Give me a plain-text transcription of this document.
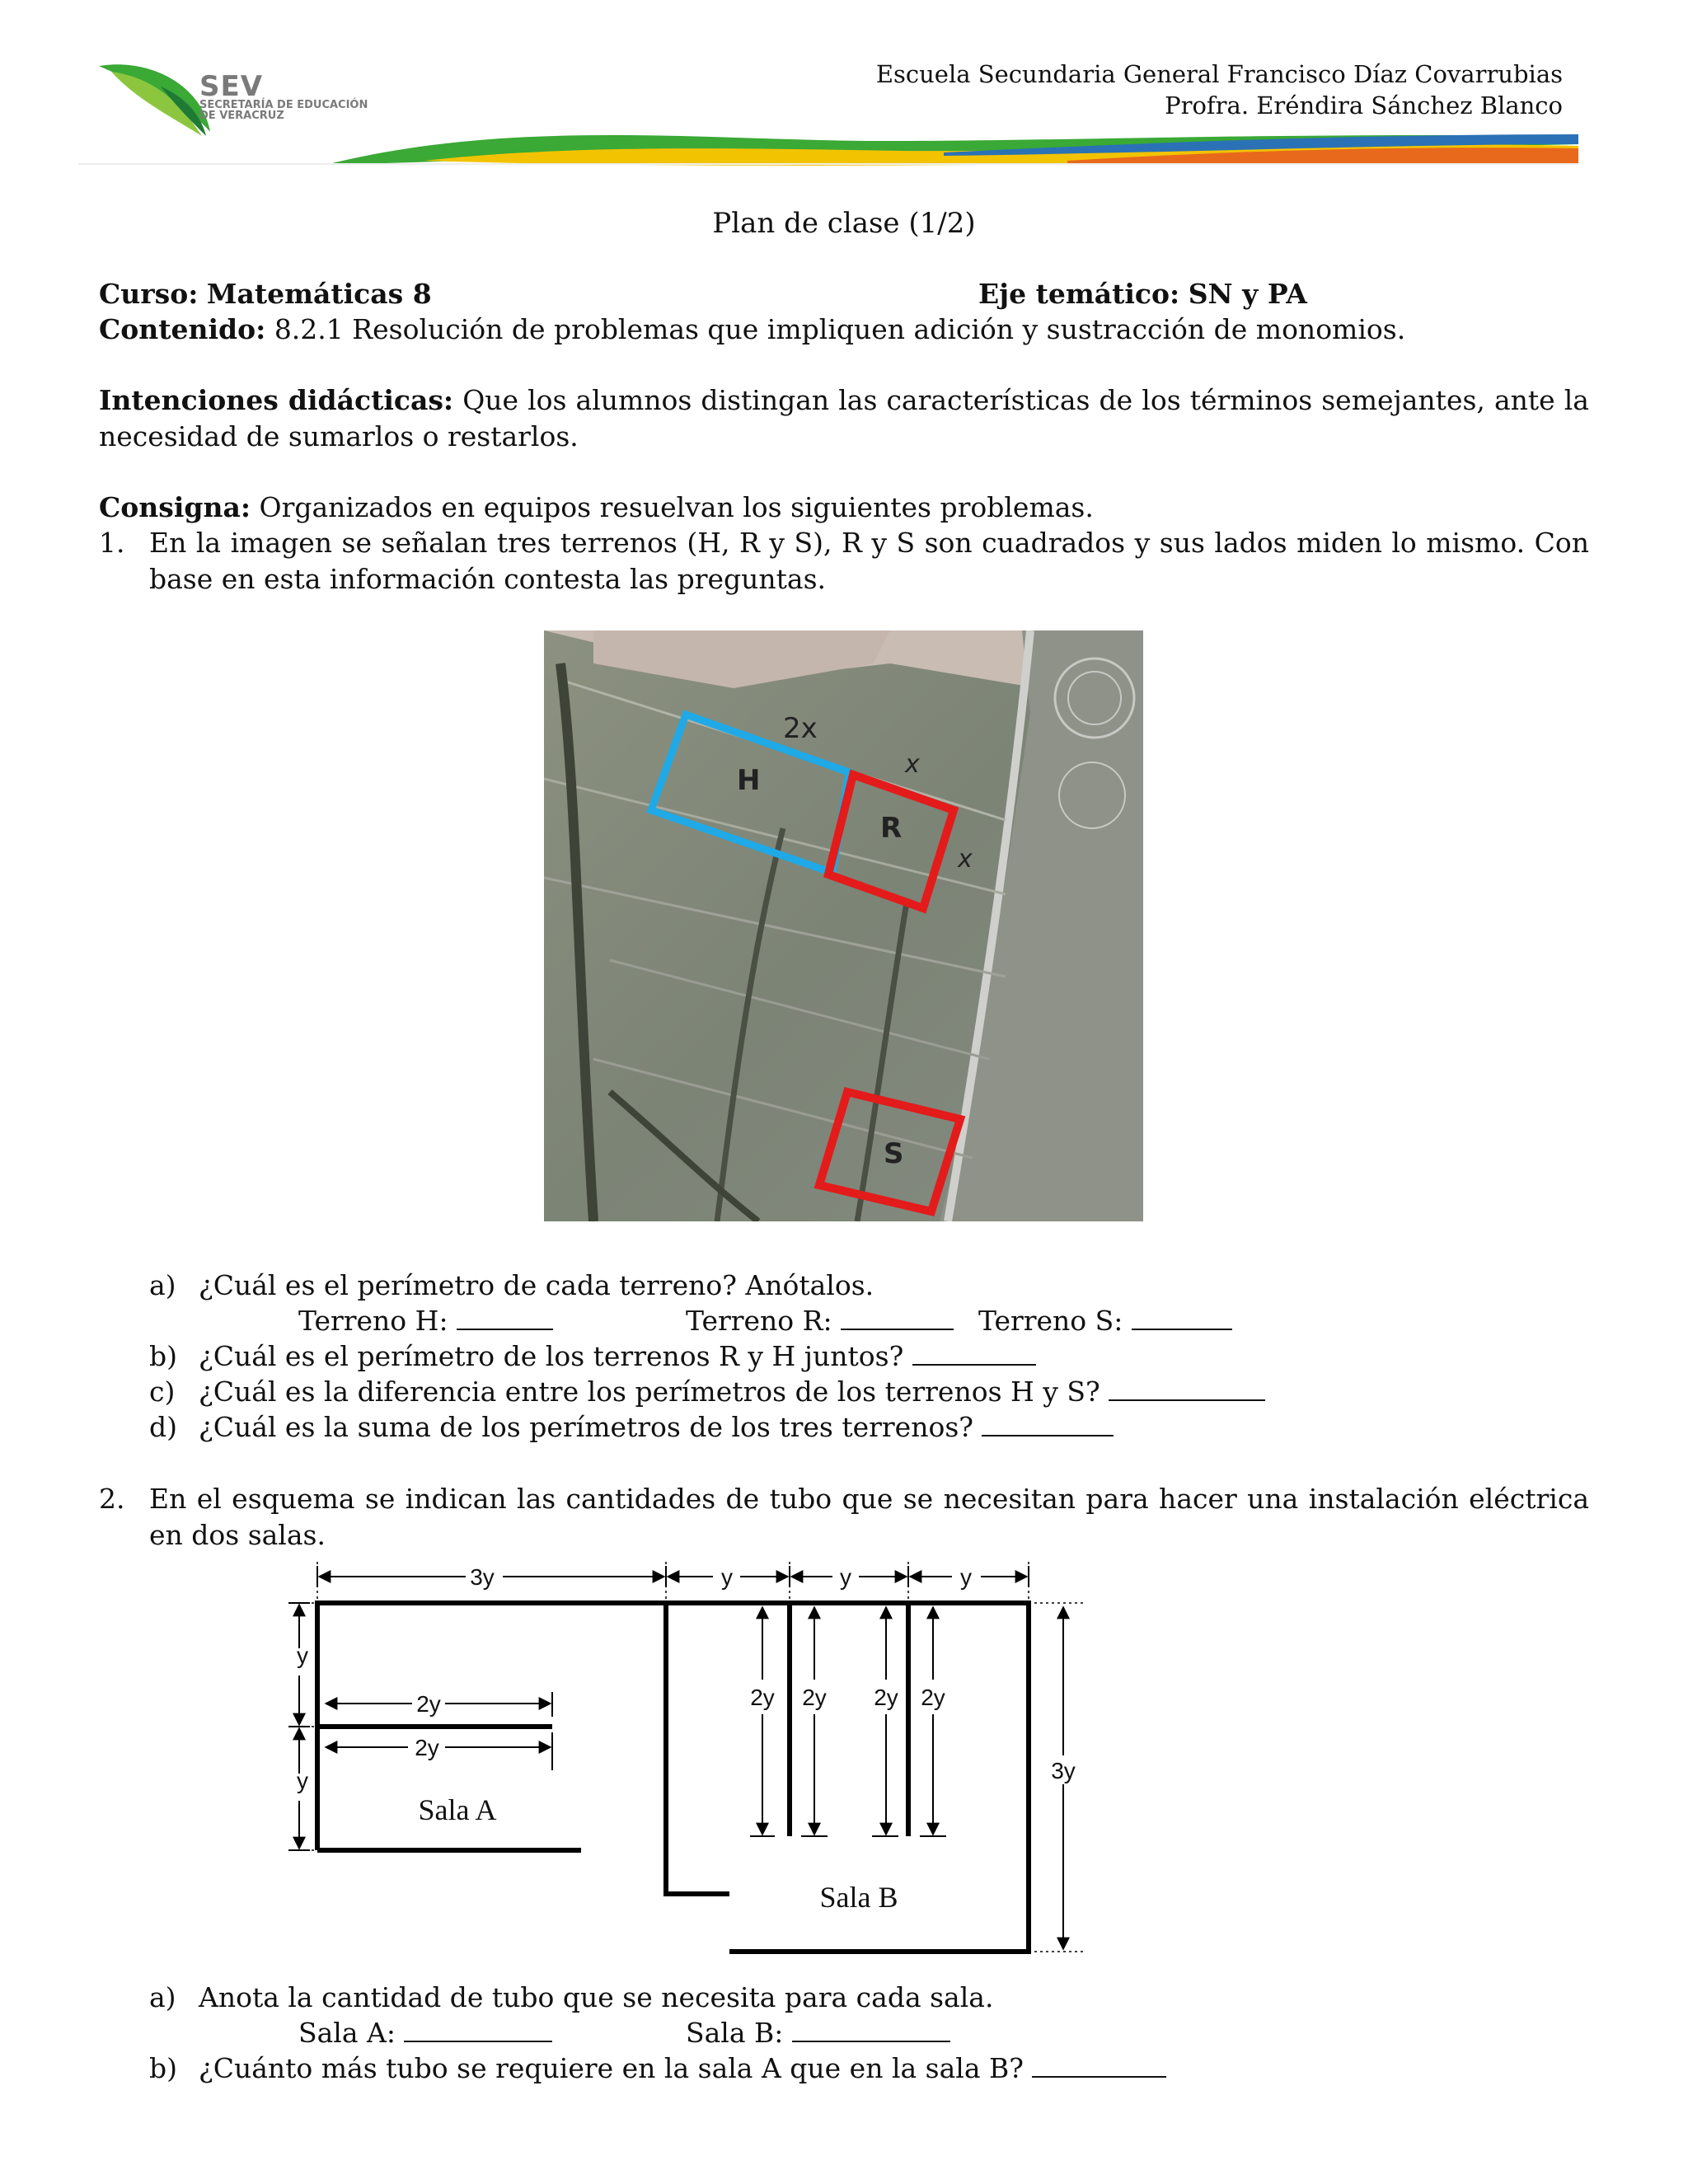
SEV
SECRETARÍA DE EDUCACIÓN
DE VERACRUZ
Escuela Secundaria General Francisco Díaz Covarrubias
Profra. Eréndira Sánchez Blanco
Plan de clase (1/2)
Curso: Matemáticas 8	Eje temático: SN y PA
Contenido: 8.2.1 Resolución de problemas que impliquen adición y sustracción de monomios.
Intenciones didácticas: Que los alumnos distingan las características de los términos semejantes, ante la necesidad de sumarlos o restarlos.
Consigna: Organizados en equipos resuelvan los siguientes problemas.
1. En la imagen se señalan tres terrenos (H, R y S), R y S son cuadrados y sus lados miden lo mismo. Con base en esta información contesta las preguntas.
2x
x
x
H
R
S
a) ¿Cuál es el perímetro de cada terreno? Anótalos.
Terreno H:	Terreno R:	Terreno S:
b) ¿Cuál es el perímetro de los terrenos R y H juntos?
c) ¿Cuál es la diferencia entre los perímetros de los terrenos H y S?
d) ¿Cuál es la suma de los perímetros de los tres terrenos?
2. En el esquema se indican las cantidades de tubo que se necesitan para hacer una instalación eléctrica en dos salas.
3y	y	y	y
y
y
2y
2y
2y 2y 2y 2y
3y
Sala A
Sala B
a) Anota la cantidad de tubo que se necesita para cada sala.
Sala A:	Sala B:
b) ¿Cuánto más tubo se requiere en la sala A que en la sala B?
